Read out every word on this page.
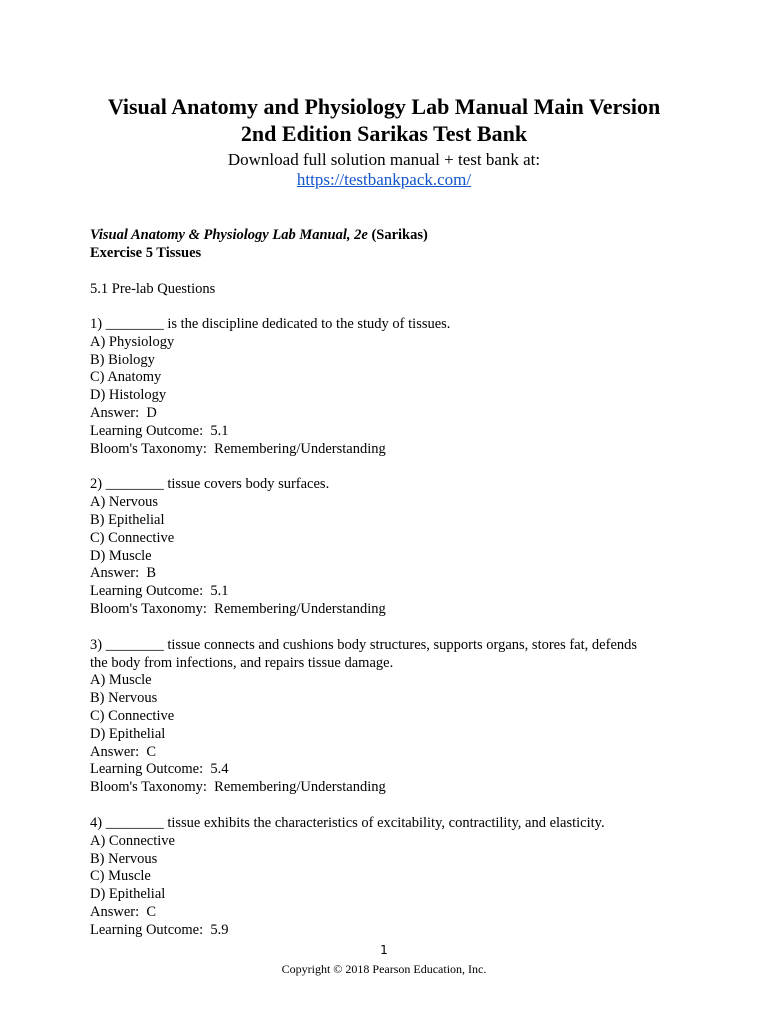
Visual Anatomy and Physiology Lab Manual Main Version
2nd Edition Sarikas Test Bank
Download full solution manual + test bank at:
https://testbankpack.com/
Visual Anatomy & Physiology Lab Manual, 2e (Sarikas)
Exercise 5 Tissues
5.1 Pre-lab Questions
1) ________ is the discipline dedicated to the study of tissues.
A) Physiology
B) Biology
C) Anatomy
D) Histology
Answer:  D
Learning Outcome:  5.1
Bloom's Taxonomy:  Remembering/Understanding
2) ________ tissue covers body surfaces.
A) Nervous
B) Epithelial
C) Connective
D) Muscle
Answer:  B
Learning Outcome:  5.1
Bloom's Taxonomy:  Remembering/Understanding
3) ________ tissue connects and cushions body structures, supports organs, stores fat, defends
the body from infections, and repairs tissue damage.
A) Muscle
B) Nervous
C) Connective
D) Epithelial
Answer:  C
Learning Outcome:  5.4
Bloom's Taxonomy:  Remembering/Understanding
4) ________ tissue exhibits the characteristics of excitability, contractility, and elasticity.
A) Connective
B) Nervous
C) Muscle
D) Epithelial
Answer:  C
Learning Outcome:  5.9
1
Copyright © 2018 Pearson Education, Inc.
